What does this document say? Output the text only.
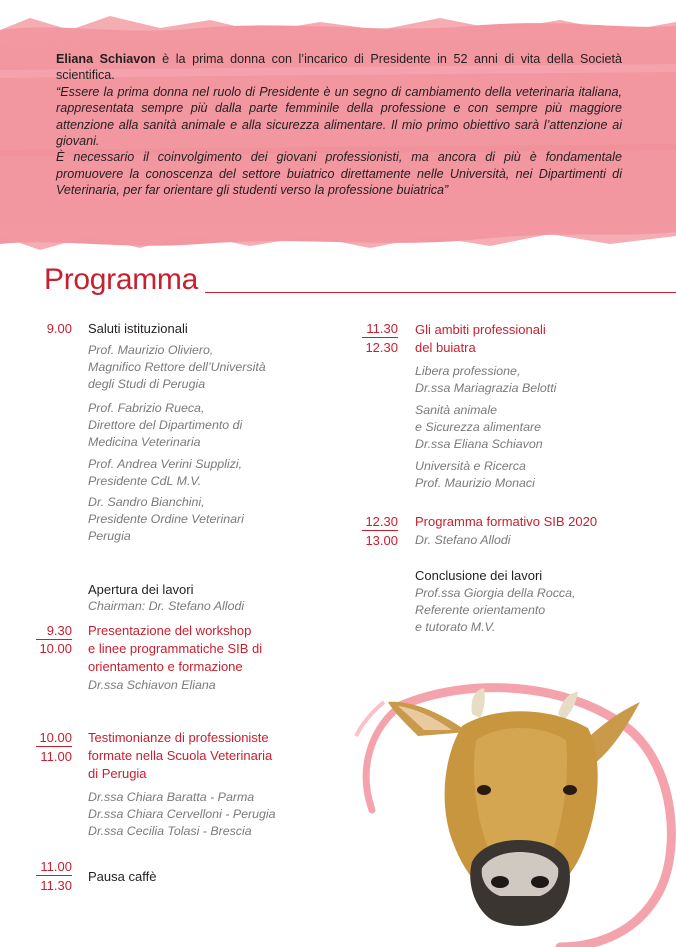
Eliana Schiavon è la prima donna con l’incarico di Presidente in 52 anni di vita della Società scientifica.

“Essere la prima donna nel ruolo di Presidente è un segno di cambiamento della veterinaria italiana, rappresentata sempre più dalla parte femminile della professione e con sempre più maggiore attenzione alla sanità animale e alla sicurezza alimentare. Il mio primo obiettivo sarà l’attenzione ai giovani.

È necessario il coinvolgimento dei giovani professionisti, ma ancora di più è fondamentale promuovere la conoscenza del settore buiatrico direttamente nelle Università, nei Dipartimenti di Veterinaria, per far orientare gli studenti verso la professione buiatrica”

Programma
9.00 Saluti istituzionali
Prof. Maurizio Oliviero,
Magnifico Rettore dell’Università
degli Studi di Perugia
Prof. Fabrizio Rueca,
Direttore del Dipartimento di
Medicina Veterinaria
Prof. Andrea Verini Supplizi,
Presidente CdL M.V.
Dr. Sandro Bianchini,
Presidente Ordine Veterinari
Perugia
Apertura dei lavori
Chairman: Dr. Stefano Allodi
9.30
10.00
Presentazione del workshop
e linee programmatiche SIB di
orientamento e formazione
Dr.ssa Schiavon Eliana
10.00
11.00
Testimonianze di professioniste
formate nella Scuola Veterinaria
di Perugia
Dr.ssa Chiara Baratta - Parma
Dr.ssa Chiara Cervelloni - Perugia
Dr.ssa Cecilia Tolasi - Brescia
11.00
11.30
Pausa caffè
11.30
12.30
Gli ambiti professionali
del buiatra
Libera professione,
Dr.ssa Mariagrazia Belotti
Sanità animale
e Sicurezza alimentare
Dr.ssa Eliana Schiavon
Università e Ricerca
Prof. Maurizio Monaci
12.30
13.00
Programma formativo SIB 2020
Dr. Stefano Allodi
Conclusione dei lavori
Prof.ssa Giorgia della Rocca,
Referente orientamento
e tutorato M.V.
